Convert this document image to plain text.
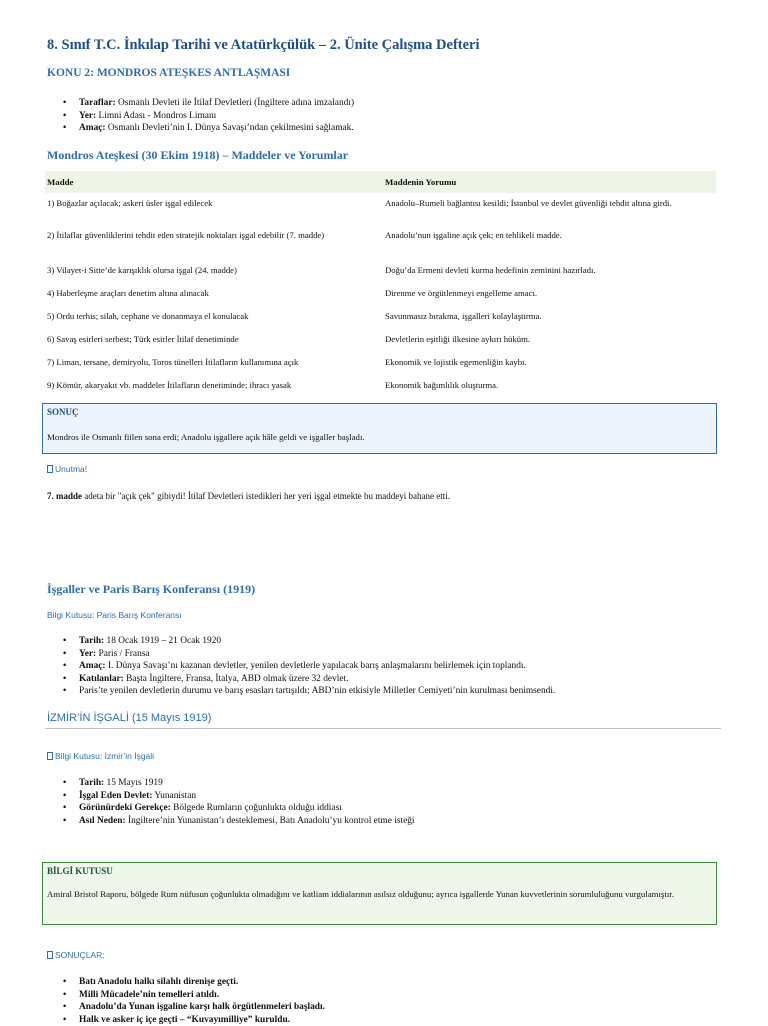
8. Sınıf T.C. İnkılap Tarihi ve Atatürkçülük – 2. Ünite Çalışma Defteri
KONU 2: MONDROS ATEŞKES ANTLAŞMASI
• Taraflar: Osmanlı Devleti ile İtilaf Devletleri (İngiltere adına imzalandı)
• Yer: Limni Adası - Mondros Limanı
• Amaç: Osmanlı Devleti’nin I. Dünya Savaşı’ndan çekilmesini sağlamak.
Mondros Ateşkesi (30 Ekim 1918) – Maddeler ve Yorumlar
Madde	Maddenin Yorumu
1) Boğazlar açılacak; askeri üsler işgal edilecek	Anadolu–Rumeli bağlantısı kesildi; İstanbul ve devlet güvenliği tehdit altına girdi.
2) İtilaflar güvenliklerini tehdit eden stratejik noktaları işgal edebilir (7. madde)	Anadolu’nun işgaline açık çek; en tehlikeli madde.
3) Vilayet-i Sitte’de karışıklık olursa işgal (24. madde)	Doğu’da Ermeni devleti kurma hedefinin zeminini hazırladı.
4) Haberleşme araçları denetim altına alınacak	Direnme ve örgütlenmeyi engelleme amacı.
5) Ordu terhis; silah, cephane ve donanmaya el konulacak	Savunmasız bırakma, işgalleri kolaylaştırma.
6) Savaş esirleri serbest; Türk esirler İtilaf denetiminde	Devletlerin eşitliği ilkesine aykırı hüküm.
7) Liman, tersane, demiryolu, Toros tünelleri İtilafların kullanımına açık	Ekonomik ve lojistik egemenliğin kaybı.
9) Kömür, akaryakıt vb. maddeler İtilafların denetiminde; ihracı yasak	Ekonomik bağımlılık oluşturma.
SONUÇ
Mondros ile Osmanlı fiilen sona erdi; Anadolu işgallere açık hâle geldi ve işgaller başladı.
Unutma!
7. madde adeta bir "açık çek" gibiydi! İtilaf Devletleri istedikleri her yeri işgal etmekte bu maddeyi bahane etti.
İşgaller ve Paris Barış Konferansı (1919)
Bilgi Kutusu: Paris Barış Konferansı
• Tarih: 18 Ocak 1919 – 21 Ocak 1920
• Yer: Paris / Fransa
• Amaç: I. Dünya Savaşı’nı kazanan devletler, yenilen devletlerle yapılacak barış anlaşmalarını belirlemek için toplandı.
• Katılanlar: Başta İngiltere, Fransa, İtalya, ABD olmak üzere 32 devlet.
• Paris’te yenilen devletlerin durumu ve barış esasları tartışıldı; ABD’nin etkisiyle Milletler Cemiyeti’nin kurulması benimsendi.
İZMİR’İN İŞGALİ (15 Mayıs 1919)
Bilgi Kutusu: İzmir’in İşgali
• Tarih: 15 Mayıs 1919
• İşgal Eden Devlet: Yunanistan
• Görünürdeki Gerekçe: Bölgede Rumların çoğunlukta olduğu iddiası
• Asıl Neden: İngiltere’nin Yunanistan’ı desteklemesi, Batı Anadolu’yu kontrol etme isteği
BİLGİ KUTUSU
Amiral Bristol Raporu, bölgede Rum nüfusun çoğunlukta olmadığını ve katliam iddialarının asılsız olduğunu; ayrıca işgallerde Yunan kuvvetlerinin sorumluluğunu vurgulamıştır.
SONUÇLAR:
• Batı Anadolu halkı silahlı direnişe geçti.
• Milli Mücadele’nin temelleri atıldı.
• Anadolu’da Yunan işgaline karşı halk örgütlenmeleri başladı.
• Halk ve asker iç içe geçti – “Kuvayımilliye” kuruldu.
